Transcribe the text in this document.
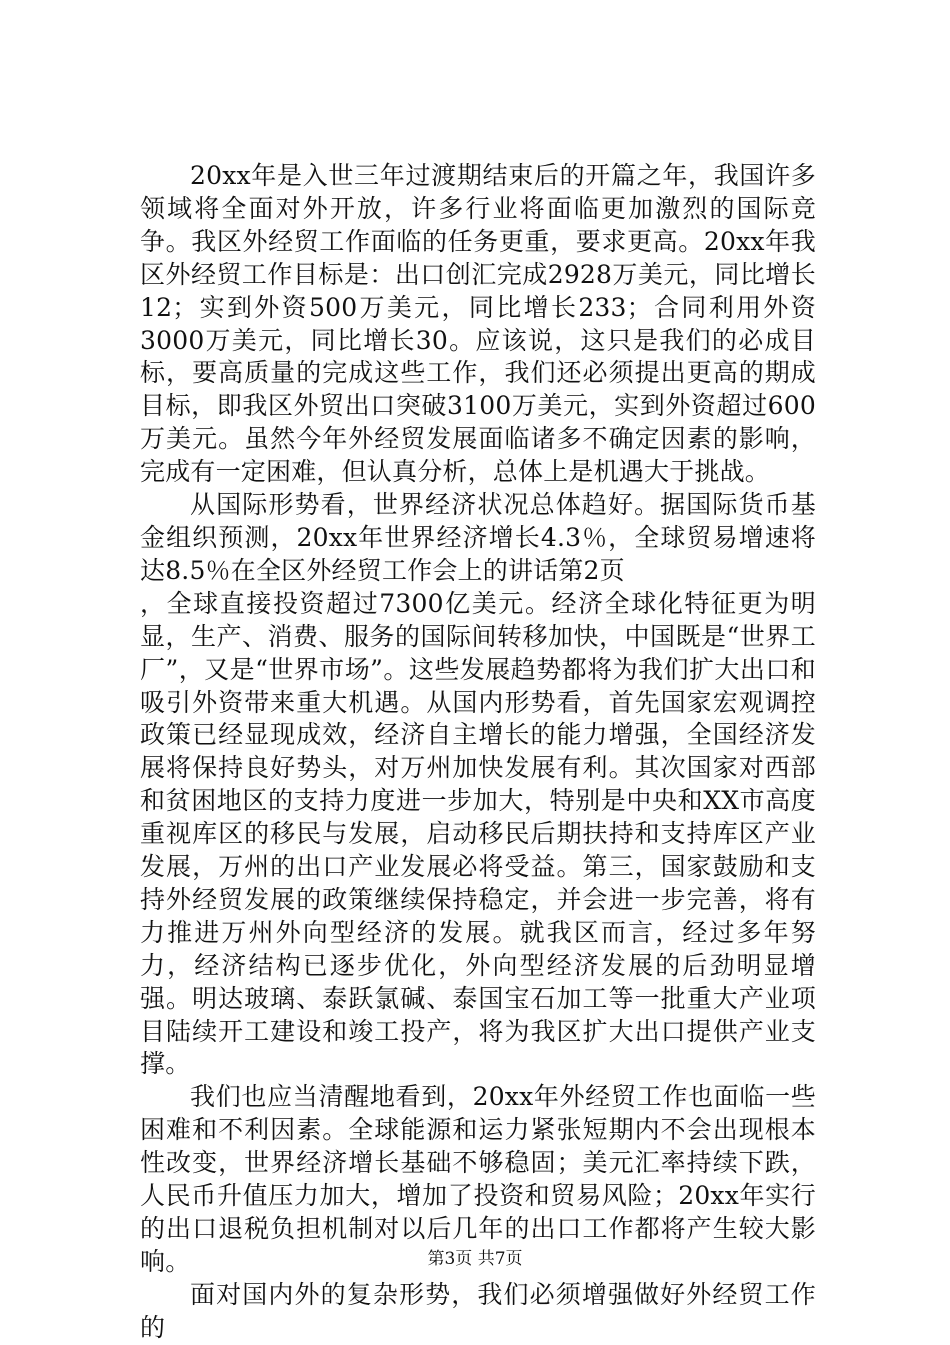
20xx年是入世三年过渡期结束后的开篇之年，我国许多领域将全面对外开放，许多行业将面临更加激烈的国际竞争。我区外经贸工作面临的任务更重，要求更高。20xx年我区外经贸工作目标是：出口创汇完成2928万美元，同比增长12；实到外资500万美元，同比增长233；合同利用外资3000万美元，同比增长30。应该说，这只是我们的必成目标，要高质量的完成这些工作，我们还必须提出更高的期成目标，即我区外贸出口突破3100万美元，实到外资超过600万美元。虽然今年外经贸发展面临诸多不确定因素的影响，完成有一定困难，但认真分析，总体上是机遇大于挑战。

从国际形势看，世界经济状况总体趋好。据国际货币基金组织预测，20xx年世界经济增长4.3％，全球贸易增速将达8.5％在全区外经贸工作会上的讲话第2页

，全球直接投资超过7300亿美元。经济全球化特征更为明显，生产、消费、服务的国际间转移加快，中国既是“世界工厂”，又是“世界市场”。这些发展趋势都将为我们扩大出口和吸引外资带来重大机遇。从国内形势看，首先国家宏观调控政策已经显现成效，经济自主增长的能力增强，全国经济发展将保持良好势头，对万州加快发展有利。其次国家对西部和贫困地区的支持力度进一步加大，特别是中央和XX市高度重视库区的移民与发展，启动移民后期扶持和支持库区产业发展，万州的出口产业发展必将受益。第三，国家鼓励和支持外经贸发展的政策继续保持稳定，并会进一步完善，将有力推进万州外向型经济的发展。就我区而言，经过多年努力，经济结构已逐步优化，外向型经济发展的后劲明显增强。明达玻璃、泰跃氯碱、泰国宝石加工等一批重大产业项目陆续开工建设和竣工投产，将为我区扩大出口提供产业支撑。

我们也应当清醒地看到，20xx年外经贸工作也面临一些困难和不利因素。全球能源和运力紧张短期内不会出现根本性改变，世界经济增长基础不够稳固；美元汇率持续下跌，人民币升值压力加大，增加了投资和贸易风险；20xx年实行的出口退税负担机制对以后几年的出口工作都将产生较大影响。

面对国内外的复杂形势，我们必须增强做好外经贸工作的

第3页 共7页
